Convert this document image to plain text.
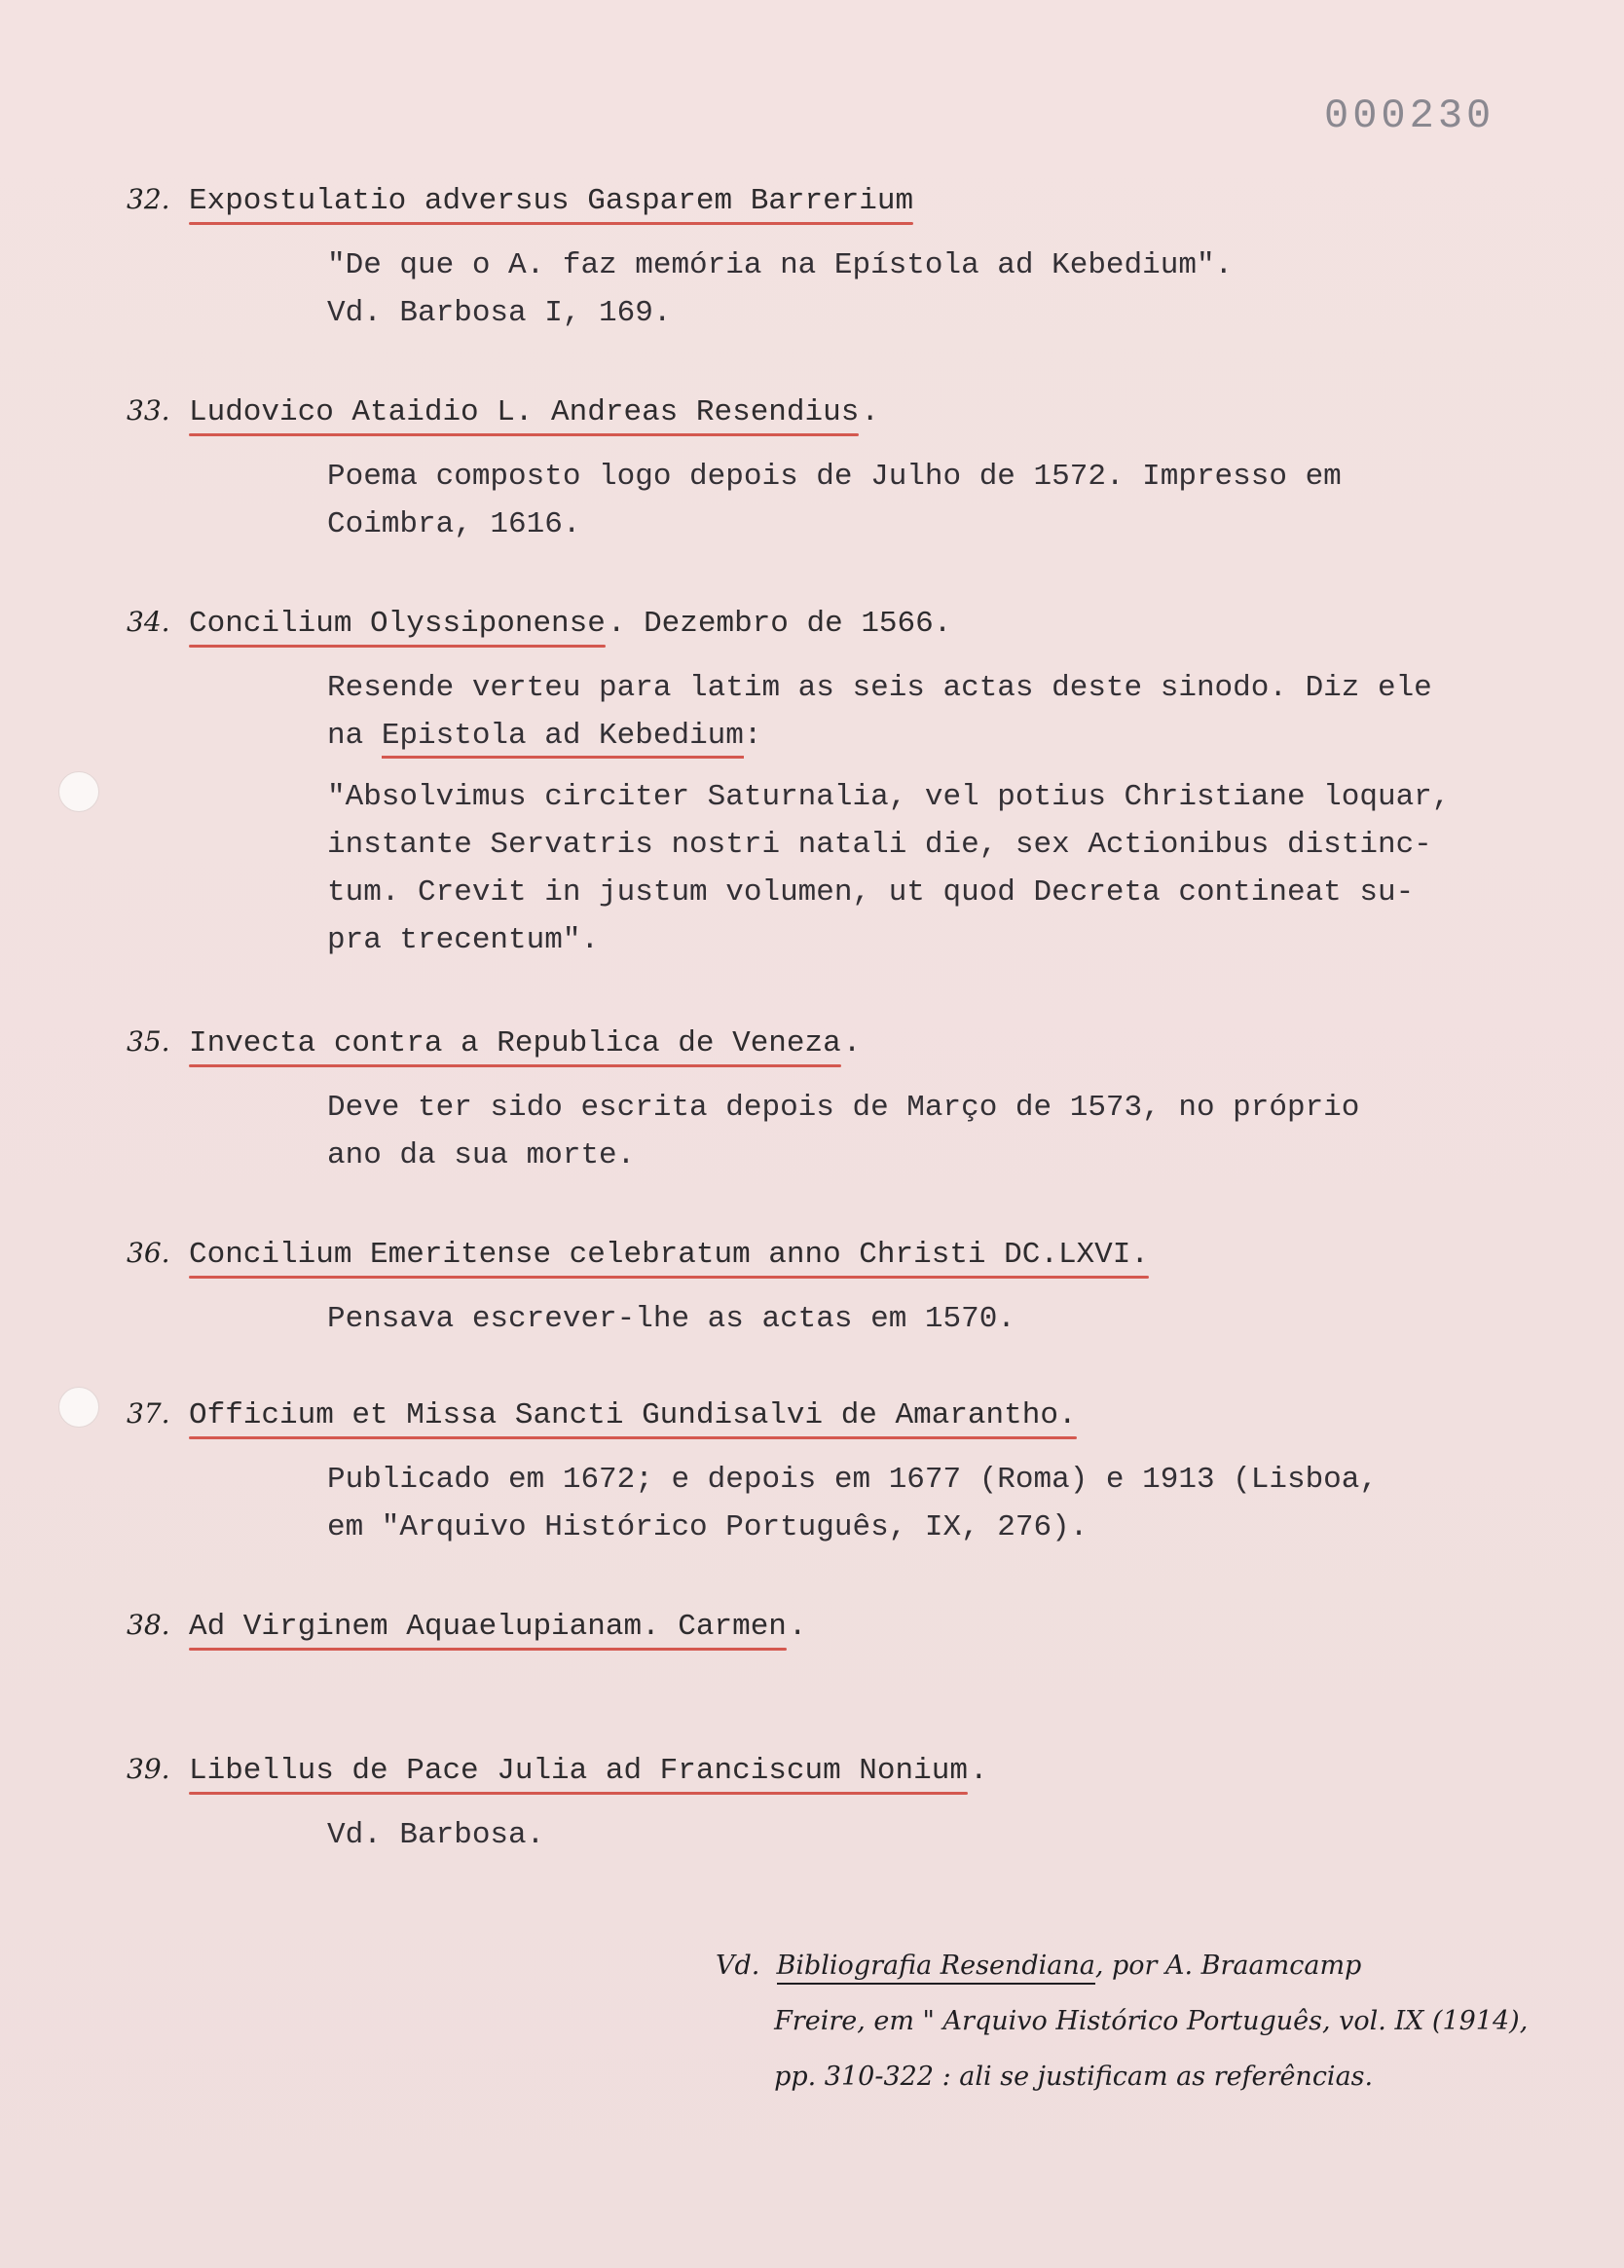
000230
32. Expostulatio adversus Gasparem Barrerium
"De que o A. faz memória na Epístola ad Kebedium".
Vd. Barbosa I, 169.
33. Ludovico Ataidio L. Andreas Resendius .
Poema composto logo depois de Julho de 1572. Impresso em
Coimbra, 1616.
34. Concilium Olyssiponense . Dezembro de 1566.
Resende verteu para latim as seis actas deste sinodo. Diz ele
na Epistola ad Kebedium:
"Absolvimus circiter Saturnalia, vel potius Christiane loquar,
instante Servatris nostri natali die, sex Actionibus distinc-
tum. Crevit in justum volumen, ut quod Decreta contineat su-
pra trecentum".
35. Invecta contra a Republica de Veneza .
Deve ter sido escrita depois de Março de 1573, no próprio
ano da sua morte.
36. Concilium Emeritense celebratum anno Christi DC.LXVI.
Pensava escrever-lhe as actas em 1570.
37. Officium et Missa Sancti Gundisalvi de Amarantho.
Publicado em 1672; e depois em 1677 (Roma) e 1913 (Lisboa,
em "Arquivo Histórico Português, IX, 276).
38. Ad Virginem Aquaelupianam. Carmen .
39. Libellus de Pace Julia ad Franciscum Nonium .
Vd. Barbosa.
Vd.  Bibliografia Resendiana, por A. Braamcamp
Freire, em " Arquivo Histórico Português, vol. IX (1914),
pp. 310-322 : ali se justificam as referências.
